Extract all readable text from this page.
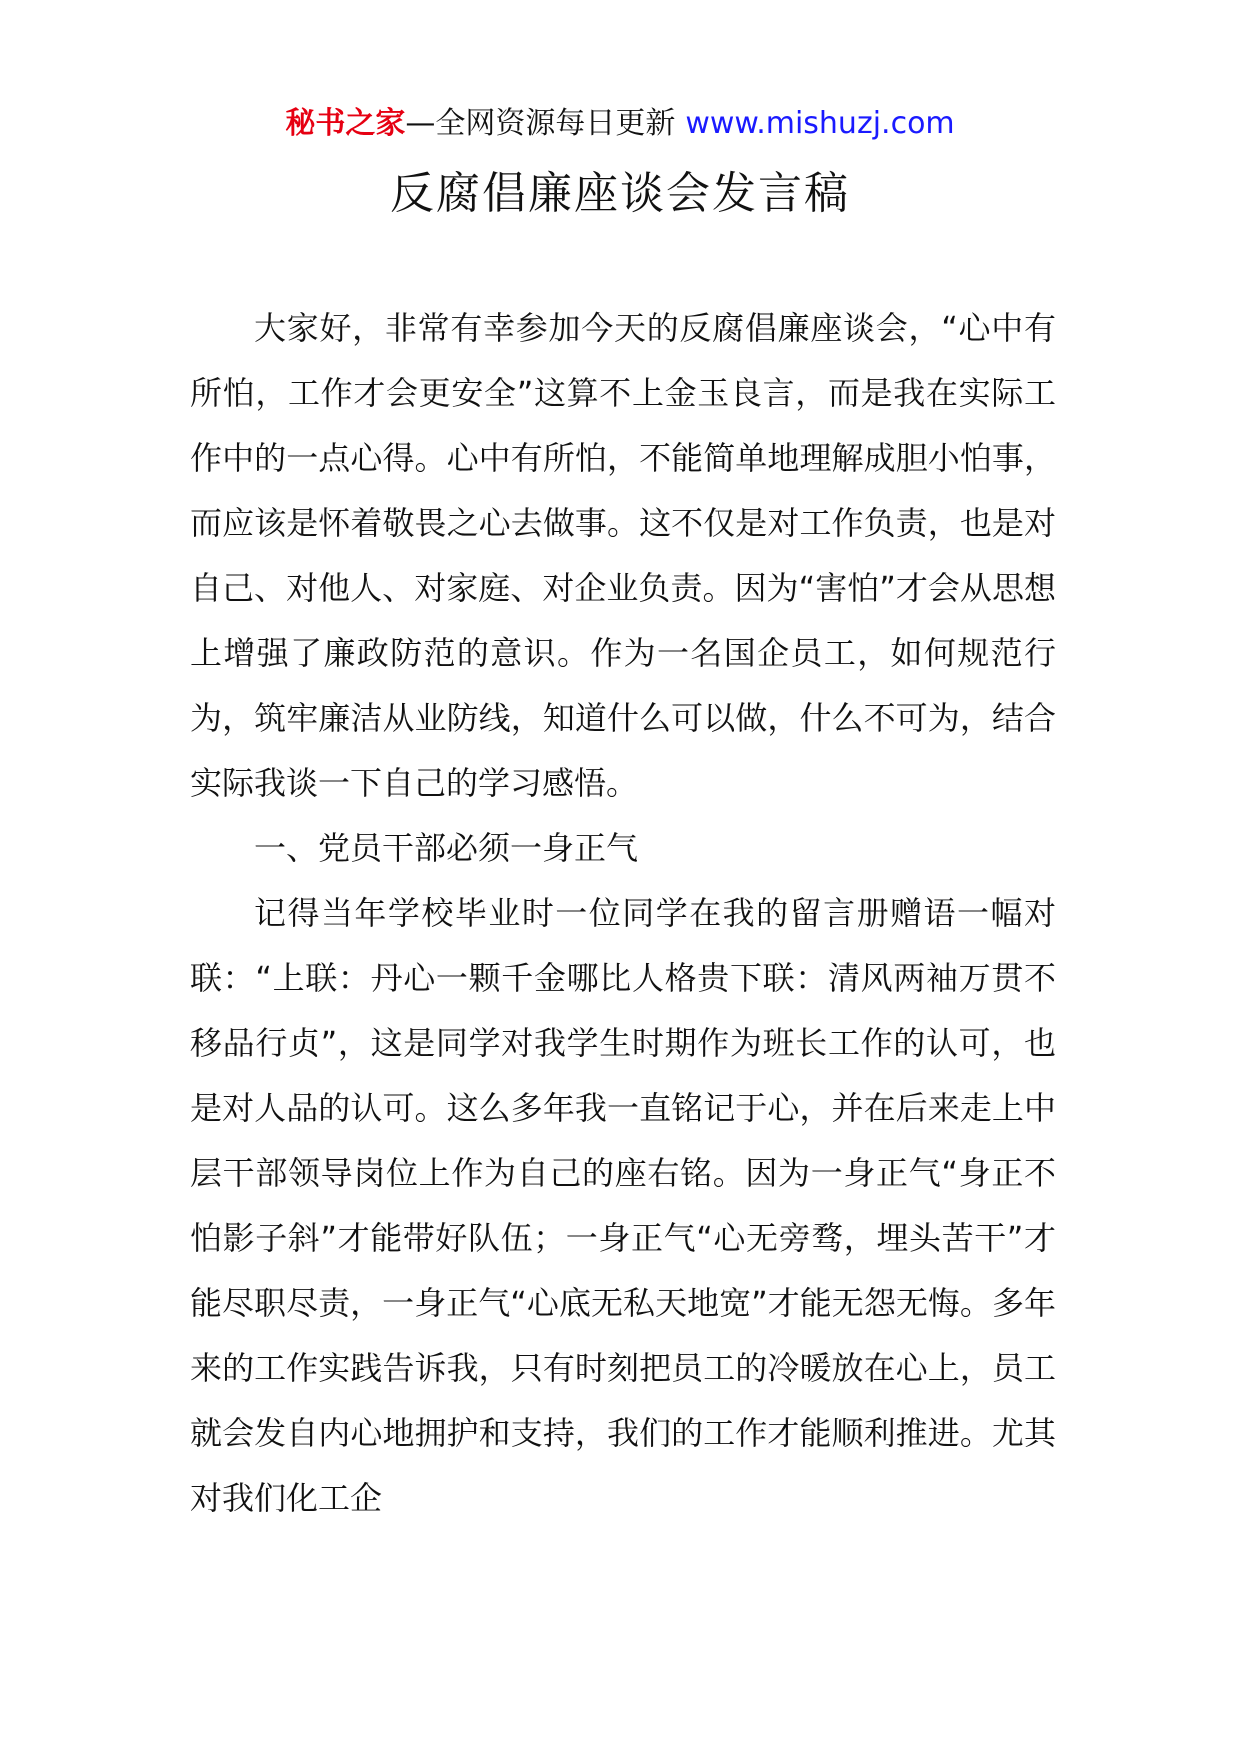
秘书之家—全网资源每日更新 www.mishuzj.com
反腐倡廉座谈会发言稿

大家好，非常有幸参加今天的反腐倡廉座谈会，“心中有所怕，工作才会更安全”这算不上金玉良言，而是我在实际工作中的一点心得。心中有所怕，不能简单地理解成胆小怕事，而应该是怀着敬畏之心去做事。这不仅是对工作负责，也是对自己、对他人、对家庭、对企业负责。因为“害怕”才会从思想上增强了廉政防范的意识。作为一名国企员工，如何规范行为，筑牢廉洁从业防线，知道什么可以做，什么不可为，结合实际我谈一下自己的学习感悟。

一、党员干部必须一身正气

记得当年学校毕业时一位同学在我的留言册赠语一幅对联：“上联：丹心一颗千金哪比人格贵下联：清风两袖万贯不移品行贞”，这是同学对我学生时期作为班长工作的认可，也是对人品的认可。这么多年我一直铭记于心，并在后来走上中层干部领导岗位上作为自己的座右铭。因为一身正气“身正不怕影子斜”才能带好队伍；一身正气“心无旁骛，埋头苦干”才能尽职尽责，一身正气“心底无私天地宽”才能无怨无悔。多年来的工作实践告诉我，只有时刻把员工的冷暖放在心上，员工就会发自内心地拥护和支持，我们的工作才能顺利推进。尤其对我们化工企
